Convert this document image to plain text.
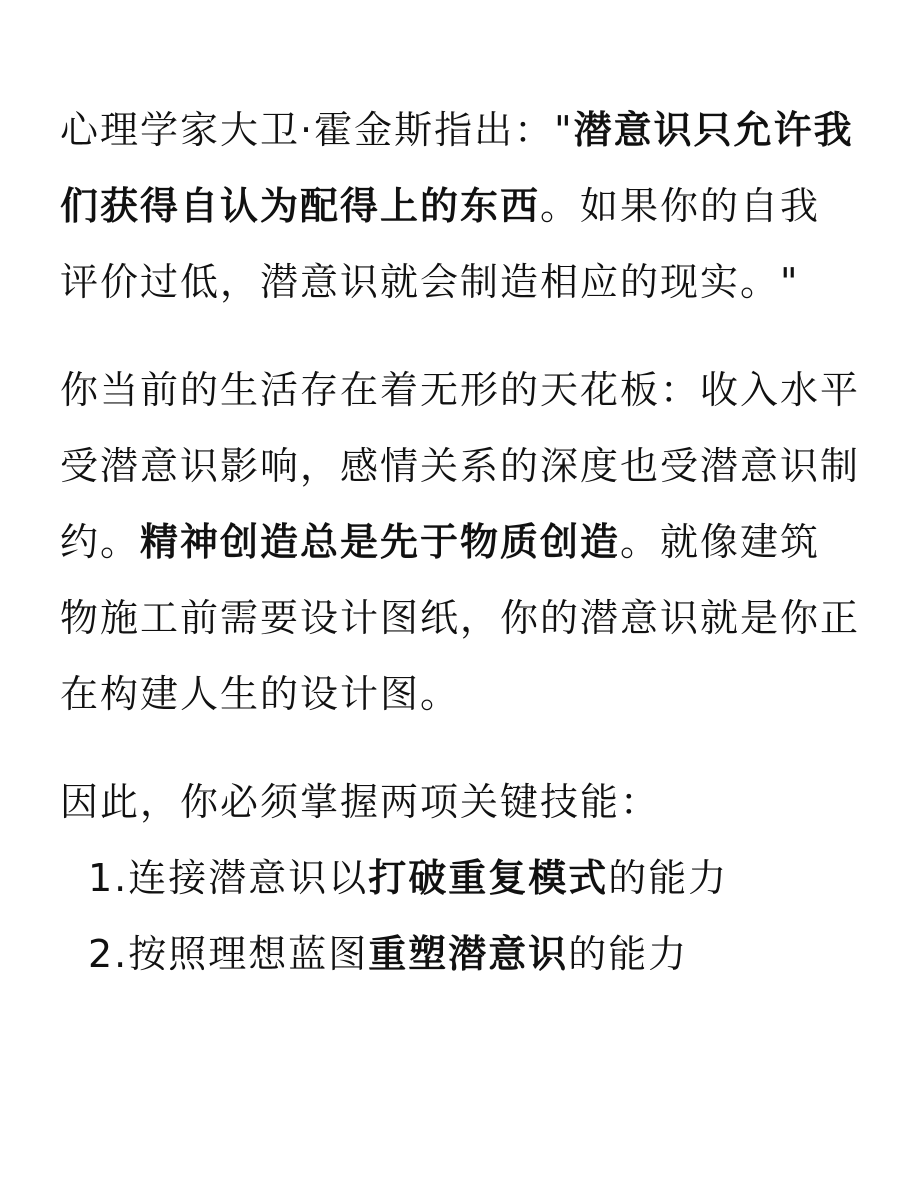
心理学家大卫·霍金斯指出："潜意识只允许我们获得自认为配得上的东西。如果你的自我评价过低，潜意识就会制造相应的现实。"

你当前的生活存在着无形的天花板：收入水平受潜意识影响，感情关系的深度也受潜意识制约。精神创造总是先于物质创造。就像建筑物施工前需要设计图纸，你的潜意识就是你正在构建人生的设计图。

因此，你必须掌握两项关键技能：

1.连接潜意识以打破重复模式的能力
2.按照理想蓝图重塑潜意识的能力
